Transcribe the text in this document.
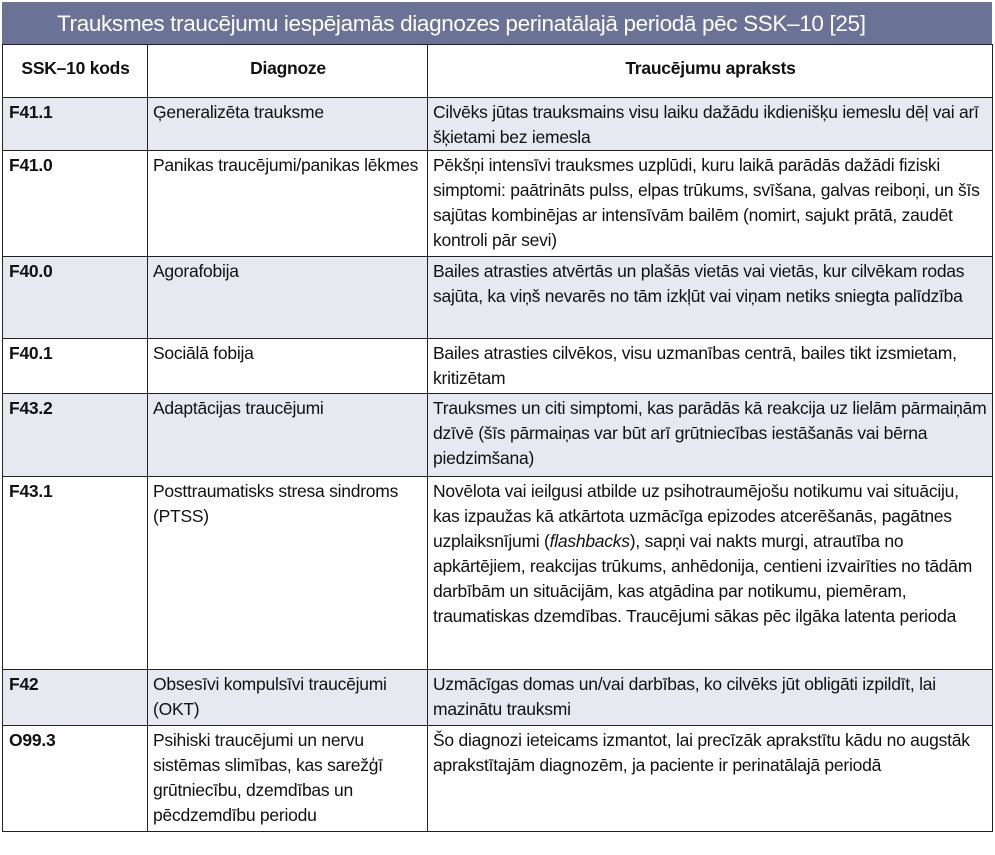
Trauksmes traucējumu iespējamās diagnozes perinatālajā periodā pēc SSK–10 [25]
SSK–10 kods	Diagnoze	Traucējumu apraksts
F41.1	Ģeneralizēta trauksme	Cilvēks jūtas trauksmains visu laiku dažādu ikdienišķu iemeslu dēļ vai arī šķietami bez iemesla
F41.0	Panikas traucējumi/panikas lēkmes	Pēkšņi intensīvi trauksmes uzplūdi, kuru laikā parādās dažādi fiziski simptomi: paātrināts pulss, elpas trūkums, svīšana, galvas reiboņi, un šīs sajūtas kombinējas ar intensīvām bailēm (nomirt, sajukt prātā, zaudēt kontroli pār sevi)
F40.0	Agorafobija	Bailes atrasties atvērtās un plašās vietās vai vietās, kur cilvēkam rodas sajūta, ka viņš nevarēs no tām izkļūt vai viņam netiks sniegta palīdzība
F40.1	Sociālā fobija	Bailes atrasties cilvēkos, visu uzmanības centrā, bailes tikt izsmietam, kritizētam
F43.2	Adaptācijas traucējumi	Trauksmes un citi simptomi, kas parādās kā reakcija uz lielām pārmaiņām dzīvē (šīs pārmaiņas var būt arī grūtniecības iestāšanās vai bērna piedzimšana)
F43.1	Posttraumatisks stresa sindroms (PTSS)	Novēlota vai ieilgusi atbilde uz psihotraumējošu notikumu vai situāciju, kas izpaužas kā atkārtota uzmācīga epizodes atcerēšanās, pagātnes uzplaiksnījumi (flashbacks), sapņi vai nakts murgi, atrautība no apkārtējiem, reakcijas trūkums, anhēdonija, centieni izvairīties no tādām darbībām un situācijām, kas atgādina par notikumu, piemēram, traumatiskas dzemdības. Traucējumi sākas pēc ilgāka latenta perioda
F42	Obsesīvi kompulsīvi traucējumi (OKT)	Uzmācīgas domas un/vai darbības, ko cilvēks jūt obligāti izpildīt, lai mazinātu trauksmi
O99.3	Psihiski traucējumi un nervu sistēmas slimības, kas sarežģī grūtniecību, dzemdības un pēcdzemdību periodu	Šo diagnozi ieteicams izmantot, lai precīzāk aprakstītu kādu no augstāk aprakstītajām diagnozēm, ja paciente ir perinatālajā periodā
